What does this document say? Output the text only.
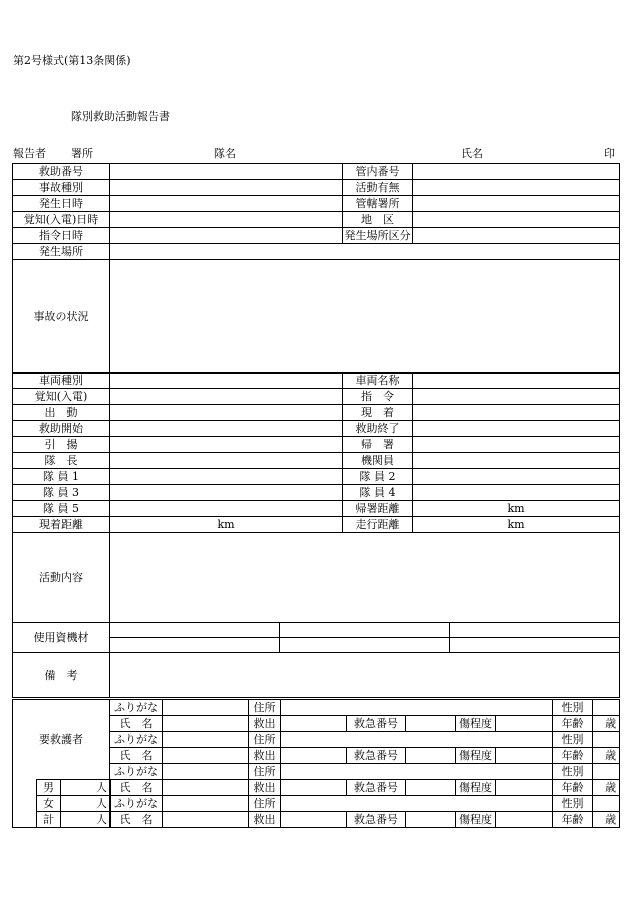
第2号様式(第13条関係)
隊別救助活動報告書
報告者 署所	隊名	氏名	印
救助番号		管内番号	
事故種別		活動有無	
発生日時		管轄署所	
覚知(入電)日時		地　区	
指令日時		発生場所区分	
発生場所			
事故の状況			
車両種別		車両名称	
覚知(入電)		指　令	
出　動		現　着	
救助開始		救助終了	
引　揚		帰　署	
隊　長		機関員	
隊 員 1		隊 員 2	
隊 員 3		隊 員 4	
隊 員 5		帰署距離	km
現着距離	km	走行距離	km
活動内容			
使用資機材			

備　考			
要救護者	ふりがな		住所						性別	
	氏　名		救出		救急番号		傷程度		年齢	歳
	ふりがな		住所						性別	
	氏　名		救出		救急番号		傷程度		年齢	歳
	ふりがな		住所						性別	
	氏　名		救出		救急番号		傷程度		年齢	歳
	ふりがな		住所						性別	
	氏　名		救出		救急番号		傷程度		年齢	歳
男	人
女	人
計	人
